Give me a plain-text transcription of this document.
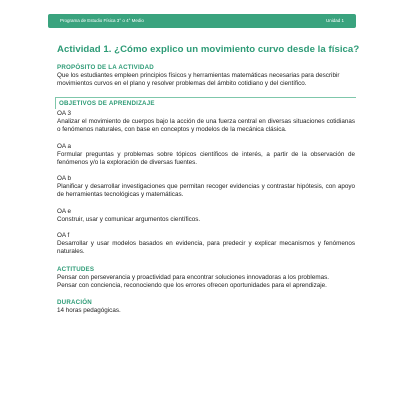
Programa de Estudio Física 3° o 4° Medio	Unidad 1
Actividad 1. ¿Cómo explico un movimiento curvo desde la física?
PROPÓSITO DE LA ACTIVIDAD
Que los estudiantes empleen principios físicos y herramientas matemáticas necesarias para describir movimientos curvos en el plano y resolver problemas del ámbito cotidiano y del científico.
OBJETIVOS DE APRENDIZAJE
OA 3
Analizar el movimiento de cuerpos bajo la acción de una fuerza central en diversas situaciones cotidianas o fenómenos naturales, con base en conceptos y modelos de la mecánica clásica.
OA a
Formular preguntas y problemas sobre tópicos científicos de interés, a partir de la observación de fenómenos y/o la exploración de diversas fuentes.
OA b
Planificar y desarrollar investigaciones que permitan recoger evidencias y contrastar hipótesis, con apoyo de herramientas tecnológicas y matemáticas.
OA e
Construir, usar y comunicar argumentos científicos.
OA f
Desarrollar y usar modelos basados en evidencia, para predecir y explicar mecanismos y fenómenos naturales.
ACTITUDES
Pensar con perseverancia y proactividad para encontrar soluciones innovadoras a los problemas.
Pensar con conciencia, reconociendo que los errores ofrecen oportunidades para el aprendizaje.
DURACIÓN
14 horas pedagógicas.
